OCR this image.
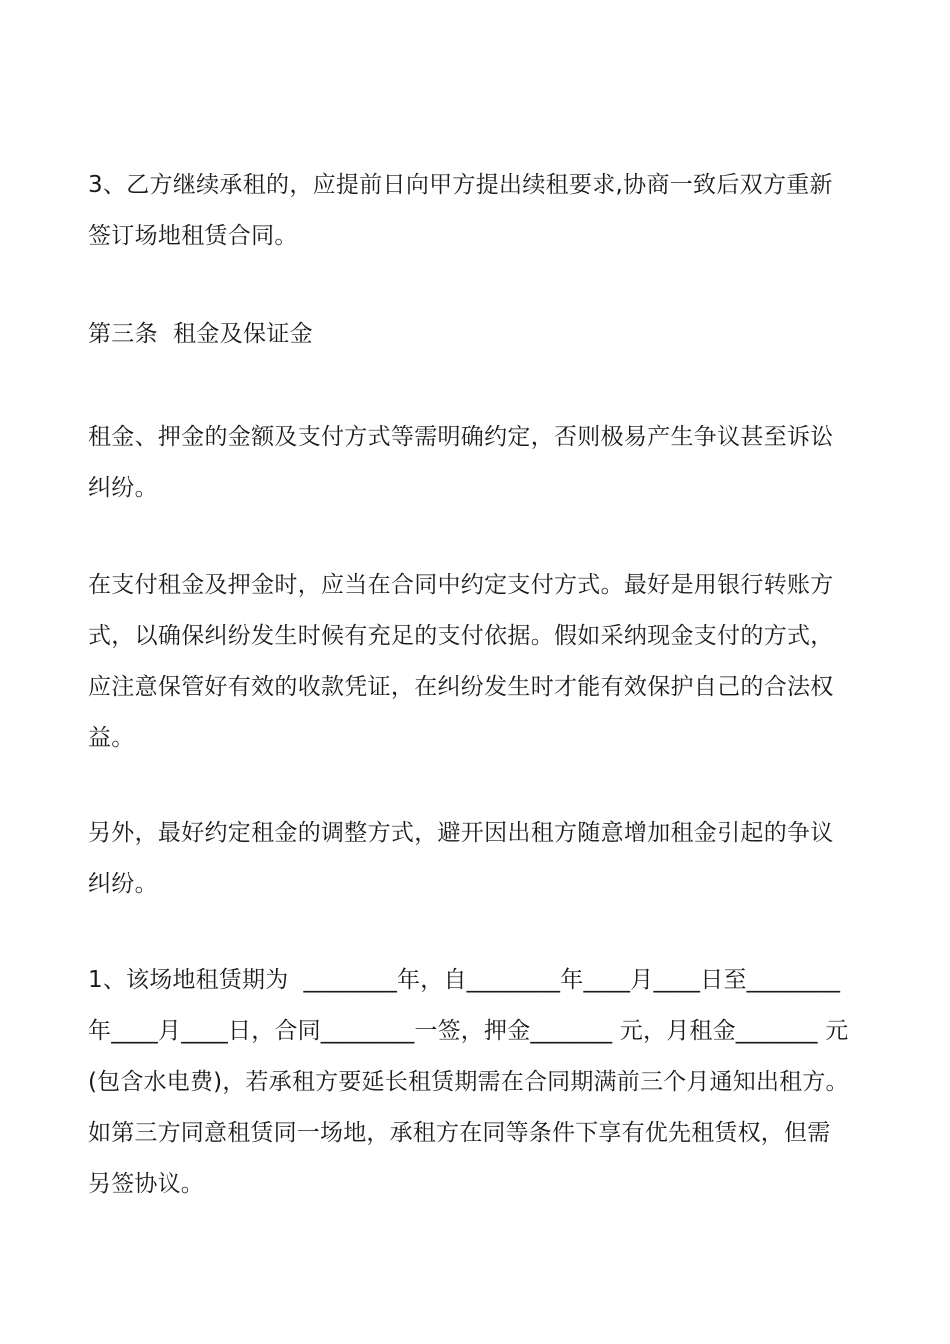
3、乙方继续承租的，应提前日向甲方提出续租要求,协商一致后双方重新
签订场地租赁合同。

第三条  租金及保证金

租金、押金的金额及支付方式等需明确约定，否则极易产生争议甚至诉讼
纠纷。

在支付租金及押金时，应当在合同中约定支付方式。最好是用银行转账方
式，以确保纠纷发生时候有充足的支付依据。假如采纳现金支付的方式，
应注意保管好有效的收款凭证，在纠纷发生时才能有效保护自己的合法权
益。

另外，最好约定租金的调整方式，避开因出租方随意增加租金引起的争议
纠纷。

1、该场地租赁期为  ________年，自________年____月____日至________
年____月____日，合同________一签，押金_______ 元，月租金_______ 元
(包含水电费)，若承租方要延长租赁期需在合同期满前三个月通知出租方。
如第三方同意租赁同一场地，承租方在同等条件下享有优先租赁权，但需
另签协议。
